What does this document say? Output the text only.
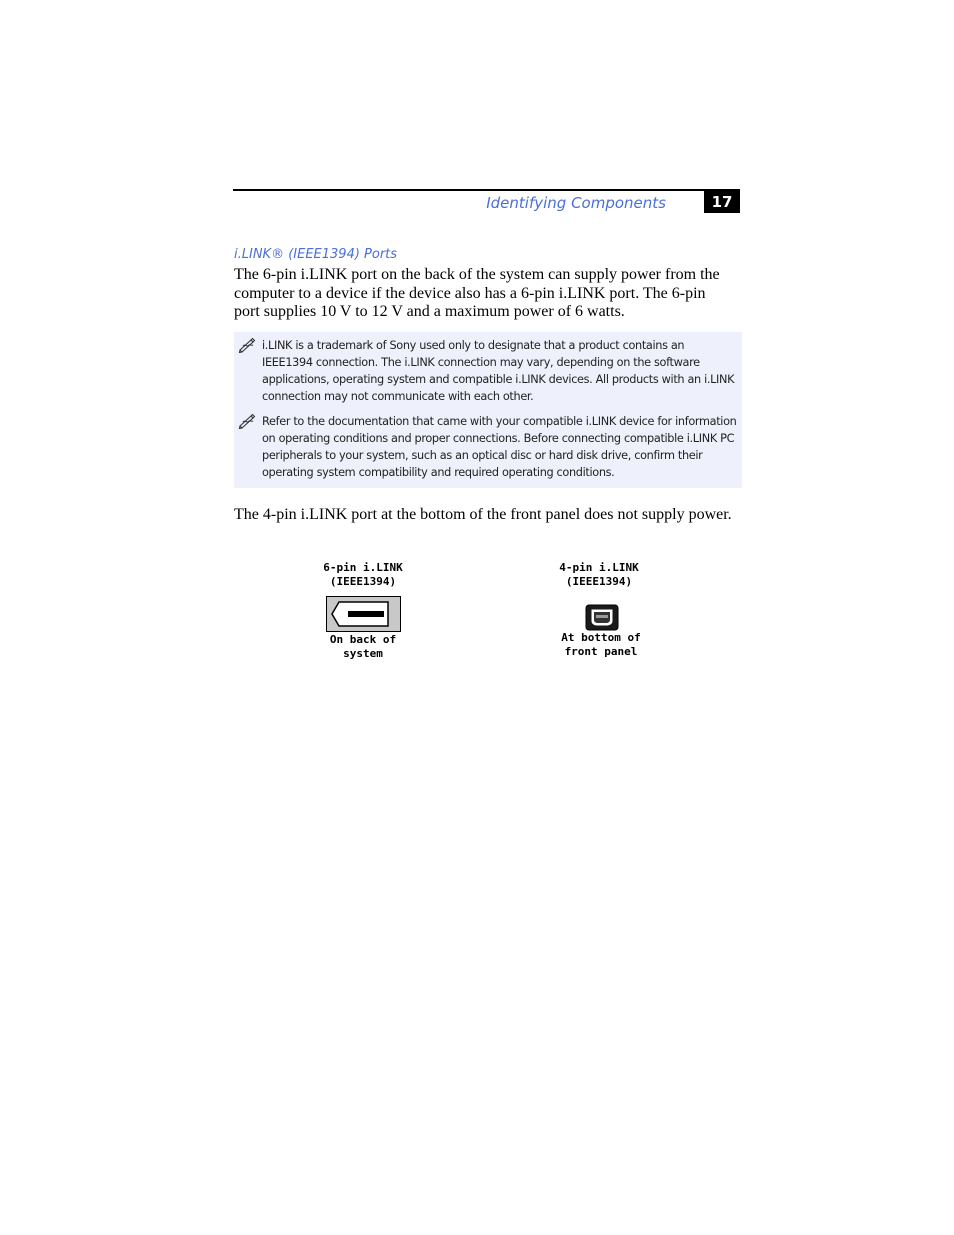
Identifying Components	17
i.LINK® (IEEE1394) Ports
The 6-pin i.LINK port on the back of the system can supply power from the computer to a device if the device also has a 6-pin i.LINK port. The 6-pin port supplies 10 V to 12 V and a maximum power of 6 watts.
i.LINK is a trademark of Sony used only to designate that a product contains an IEEE1394 connection. The i.LINK connection may vary, depending on the software applications, operating system and compatible i.LINK devices. All products with an i.LINK connection may not communicate with each other.
Refer to the documentation that came with your compatible i.LINK device for information on operating conditions and proper connections. Before connecting compatible i.LINK PC peripherals to your system, such as an optical disc or hard disk drive, confirm their operating system compatibility and required operating conditions.
The 4-pin i.LINK port at the bottom of the front panel does not supply power.
6-pin i.LINK
(IEEE1394)
On back of
system
4-pin i.LINK
(IEEE1394)
At bottom of
front panel
